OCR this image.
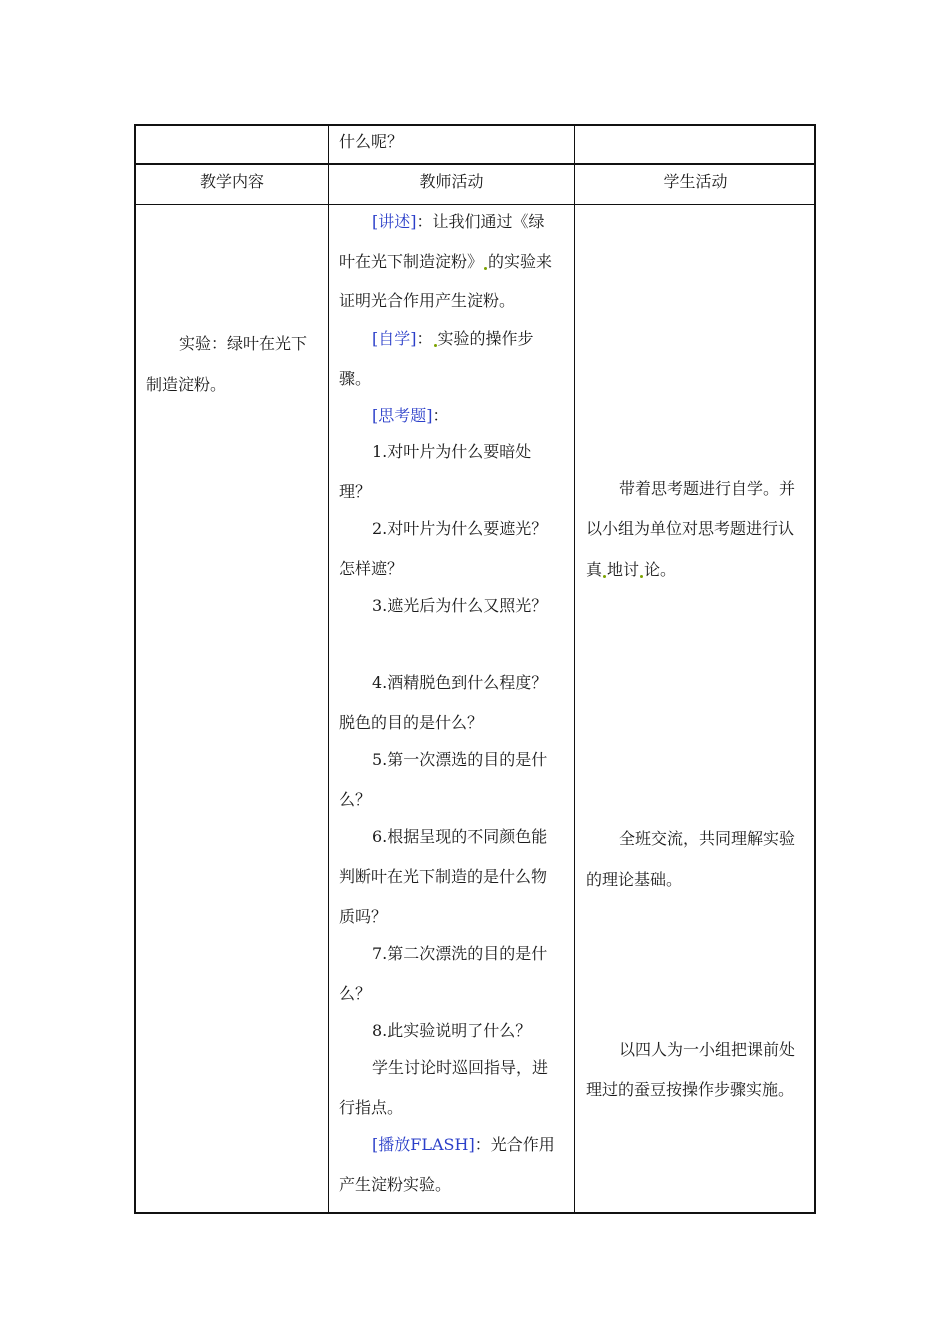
什么呢？
教学内容	教师活动	学生活动
实验：绿叶在光下
制造淀粉。
[讲述]：让我们通过《绿
叶在光下制造淀粉》 的实验来
证明光合作用产生淀粉。
[自学]： 实验的操作步
骤。
[思考题]：
1.对叶片为什么要暗处
理？
2.对叶片为什么要遮光？
怎样遮？
3.遮光后为什么又照光？
4.酒精脱色到什么程度？
脱色的目的是什么？
5.第一次漂选的目的是什
么？
6.根据呈现的不同颜色能
判断叶在光下制造的是什么物
质吗？
7.第二次漂洗的目的是什
么？
8.此实验说明了什么？
学生讨论时巡回指导，进
行指点。
[播放FLASH]：光合作用
产生淀粉实验。
带着思考题进行自学。并
以小组为单位对思考题进行认
真 地讨 论。
全班交流，共同理解实验
的理论基础。
以四人为一小组把课前处
理过的蚕豆按操作步骤实施。
